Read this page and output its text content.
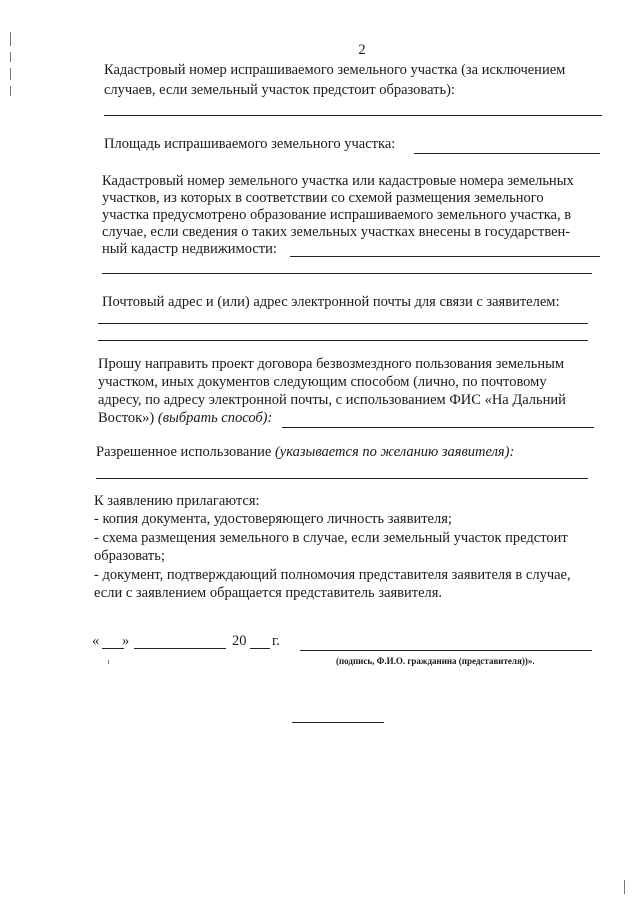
2
Кадастровый номер испрашиваемого земельного участка (за исключением
случаев, если земельный участок предстоит образовать):
Площадь испрашиваемого земельного участка:
Кадастровый номер земельного участка или кадастровые номера земельных
участков, из которых в соответствии со схемой размещения земельного
участка предусмотрено образование испрашиваемого земельного участка, в
случае, если сведения о таких земельных участках внесены в государствен-
ный кадастр недвижимости:
Почтовый адрес и (или) адрес электронной почты для связи с заявителем:
Прошу направить проект договора безвозмездного пользования земельным
участком, иных документов следующим способом (лично, по почтовому
адресу, по адресу электронной почты, с использованием ФИС «На Дальний
Восток») (выбрать способ):
Разрешенное использование (указывается по желанию заявителя):
К заявлению прилагаются:
- копия документа, удостоверяющего личность заявителя;
- схема размещения земельного в случае, если земельный участок предстоит
образовать;
- документ, подтверждающий полномочия представителя заявителя в случае,
если с заявлением обращается представитель заявителя.
« »	20 г.
(подпись, Ф.И.О. гражданина (представителя))».
